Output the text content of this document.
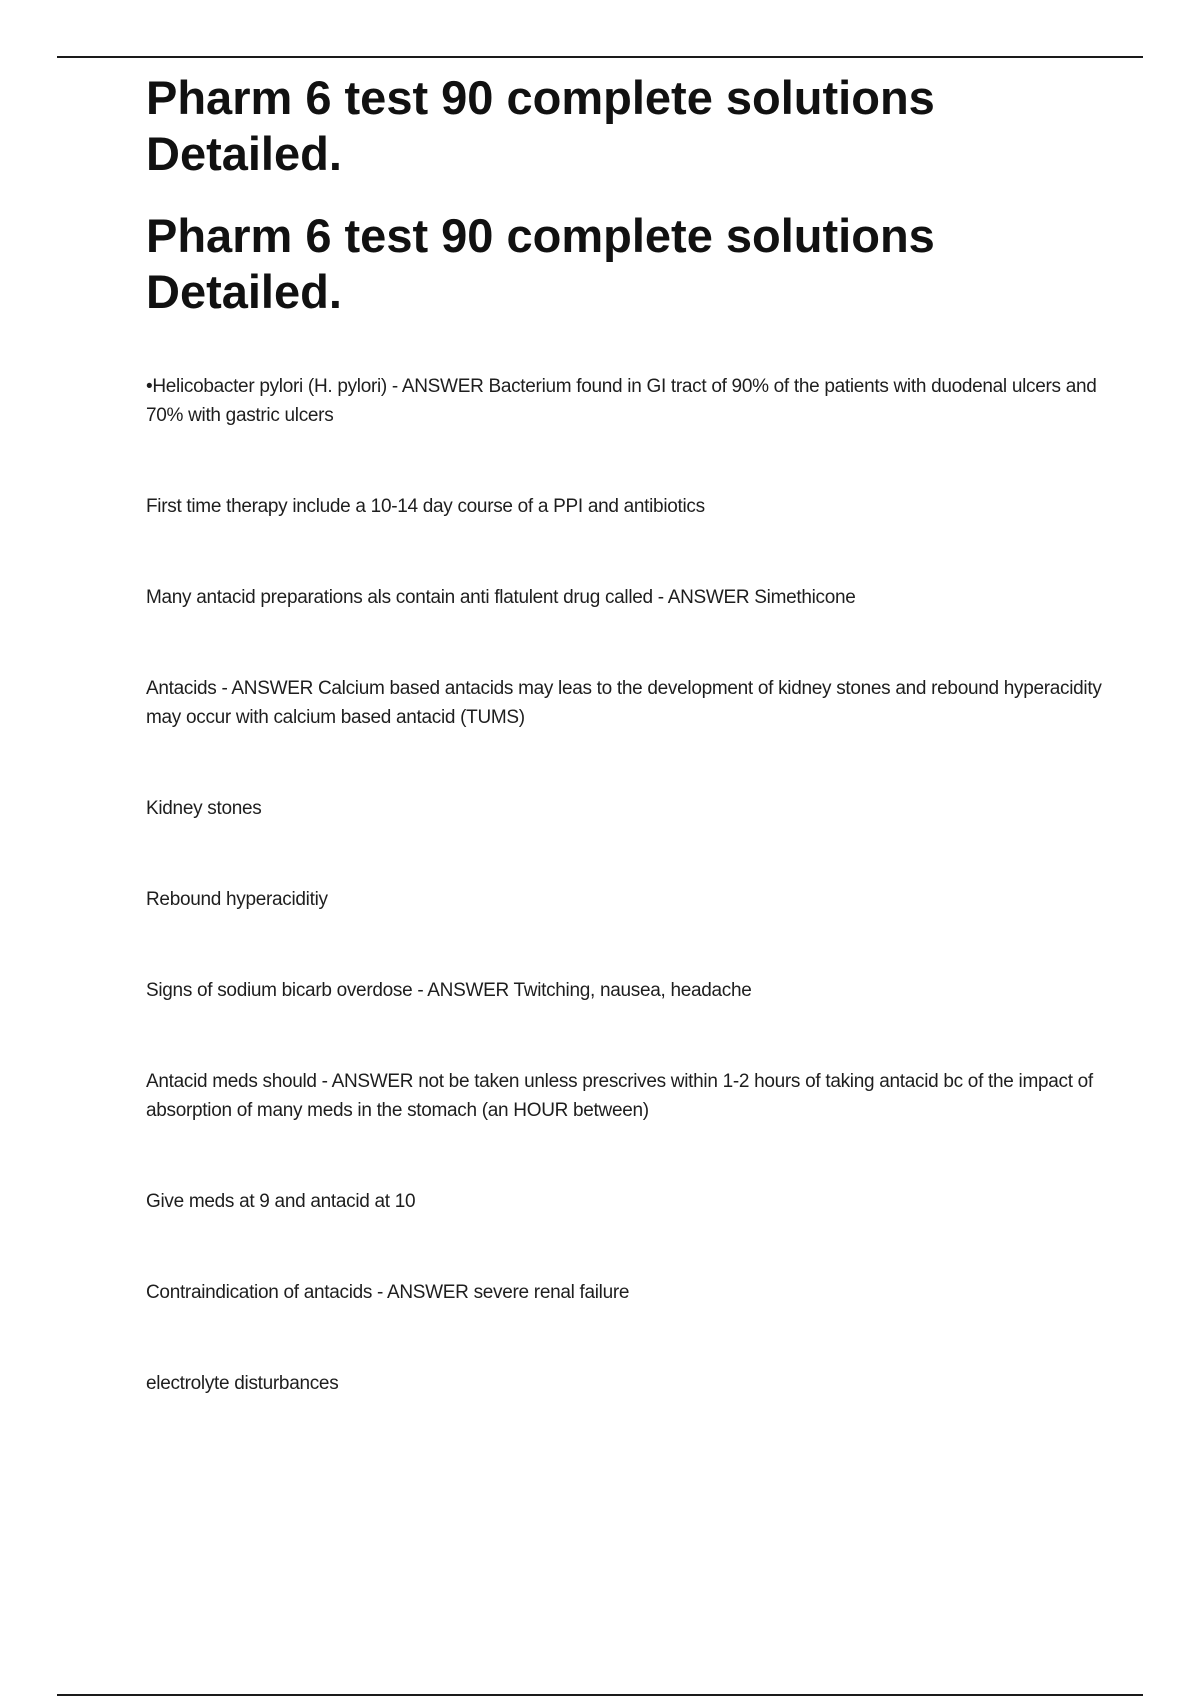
Pharm 6 test 90 complete solutions Detailed.
Pharm 6 test 90 complete solutions Detailed.

•Helicobacter pylori (H. pylori) - ANSWER Bacterium found in GI tract of 90% of the patients with duodenal ulcers and 70% with gastric ulcers

First time therapy include a 10-14 day course of a PPI and antibiotics

Many antacid preparations als contain anti flatulent drug called - ANSWER Simethicone

Antacids - ANSWER Calcium based antacids may leas to the development of kidney stones and rebound hyperacidity may occur with calcium based antacid (TUMS)

Kidney stones

Rebound hyperaciditiy

Signs of sodium bicarb overdose - ANSWER Twitching, nausea, headache

Antacid meds should - ANSWER not be taken unless prescrives within 1-2 hours of taking antacid bc of the impact of absorption of many meds in the stomach (an HOUR between)

Give meds at 9 and antacid at 10

Contraindication of antacids - ANSWER severe renal failure

electrolyte disturbances
